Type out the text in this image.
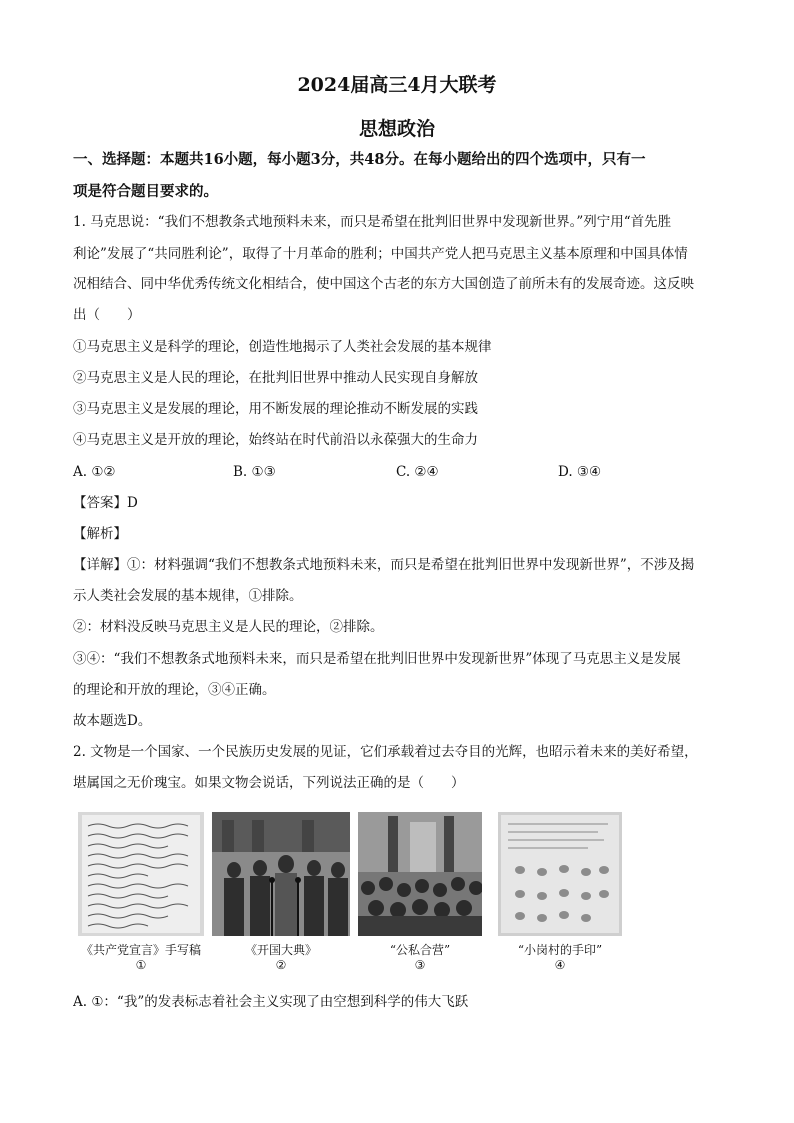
2024届高三4月大联考
思想政治
一、选择题：本题共16小题，每小题3分，共48分。在每小题给出的四个选项中，只有一
项是符合题目要求的。
1. 马克思说：“我们不想教条式地预料未来，而只是希望在批判旧世界中发现新世界。”列宁用“首先胜
利论”发展了“共同胜利论”，取得了十月革命的胜利；中国共产党人把马克思主义基本原理和中国具体情
况相结合、同中华优秀传统文化相结合，使中国这个古老的东方大国创造了前所未有的发展奇迹。这反映
出（　　）
①马克思主义是科学的理论，创造性地揭示了人类社会发展的基本规律
②马克思主义是人民的理论，在批判旧世界中推动人民实现自身解放
③马克思主义是发展的理论，用不断发展的理论推动不断发展的实践
④马克思主义是开放的理论，始终站在时代前沿以永葆强大的生命力
A. ①②	B. ①③	C. ②④	D. ③④
【答案】D
【解析】
【详解】①：材料强调“我们不想教条式地预料未来，而只是希望在批判旧世界中发现新世界”，不涉及揭
示人类社会发展的基本规律，①排除。
②：材料没反映马克思主义是人民的理论，②排除。
③④：“我们不想教条式地预料未来，而只是希望在批判旧世界中发现新世界”体现了马克思主义是发展
的理论和开放的理论，③④正确。
故本题选D。
2. 文物是一个国家、一个民族历史发展的见证，它们承载着过去夺目的光辉，也昭示着未来的美好希望，
堪属国之无价瑰宝。如果文物会说话，下列说法正确的是（　　）
《共产党宣言》手写稿
①
《开国大典》
②
“公私合营”
③
“小岗村的手印”
④
A. ①：“我”的发表标志着社会主义实现了由空想到科学的伟大飞跃
